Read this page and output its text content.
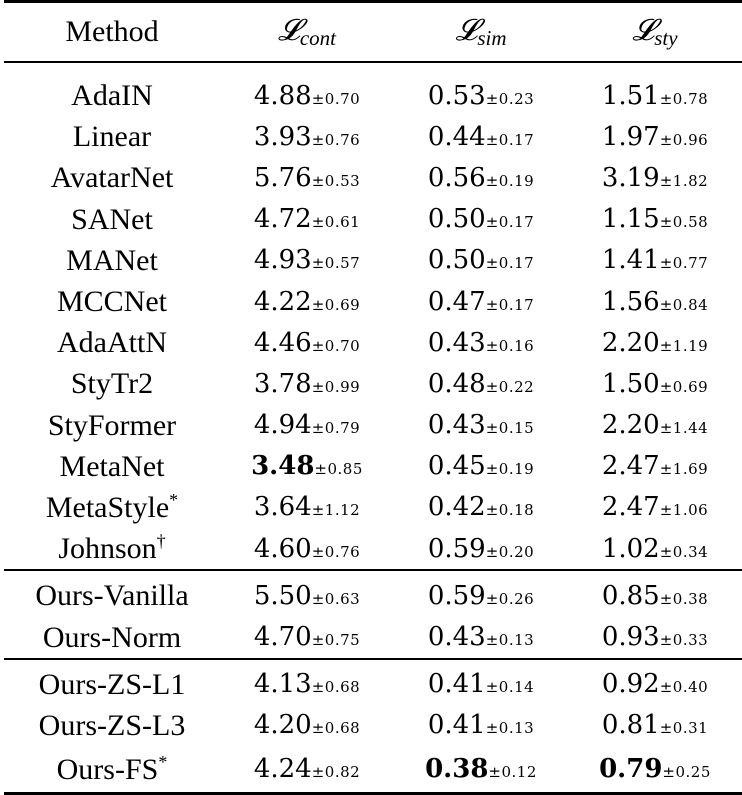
Method	𝓛$_{cont}$	𝓛$_{sim}$	𝓛$_{sty}$
AdaIN	4.88±0.70	0.53±0.23	1.51±0.78
Linear	3.93±0.76	0.44±0.17	1.97±0.96
AvatarNet	5.76±0.53	0.56±0.19	3.19±1.82
SANet	4.72±0.61	0.50±0.17	1.15±0.58
MANet	4.93±0.57	0.50±0.17	1.41±0.77
MCCNet	4.22±0.69	0.47±0.17	1.56±0.84
AdaAttN	4.46±0.70	0.43±0.16	2.20±1.19
StyTr2	3.78±0.99	0.48±0.22	1.50±0.69
StyFormer	4.94±0.79	0.43±0.15	2.20±1.44
MetaNet	3.48±0.85	0.45±0.19	2.47±1.69
MetaStyle*	3.64±1.12	0.42±0.18	2.47±1.06
Johnson†	4.60±0.76	0.59±0.20	1.02±0.34
Ours-Vanilla	5.50±0.63	0.59±0.26	0.85±0.38
Ours-Norm	4.70±0.75	0.43±0.13	0.93±0.33
Ours-ZS-L1	4.13±0.68	0.41±0.14	0.92±0.40
Ours-ZS-L3	4.20±0.68	0.41±0.13	0.81±0.31
Ours-FS*	4.24±0.82	0.38±0.12	0.79±0.25
